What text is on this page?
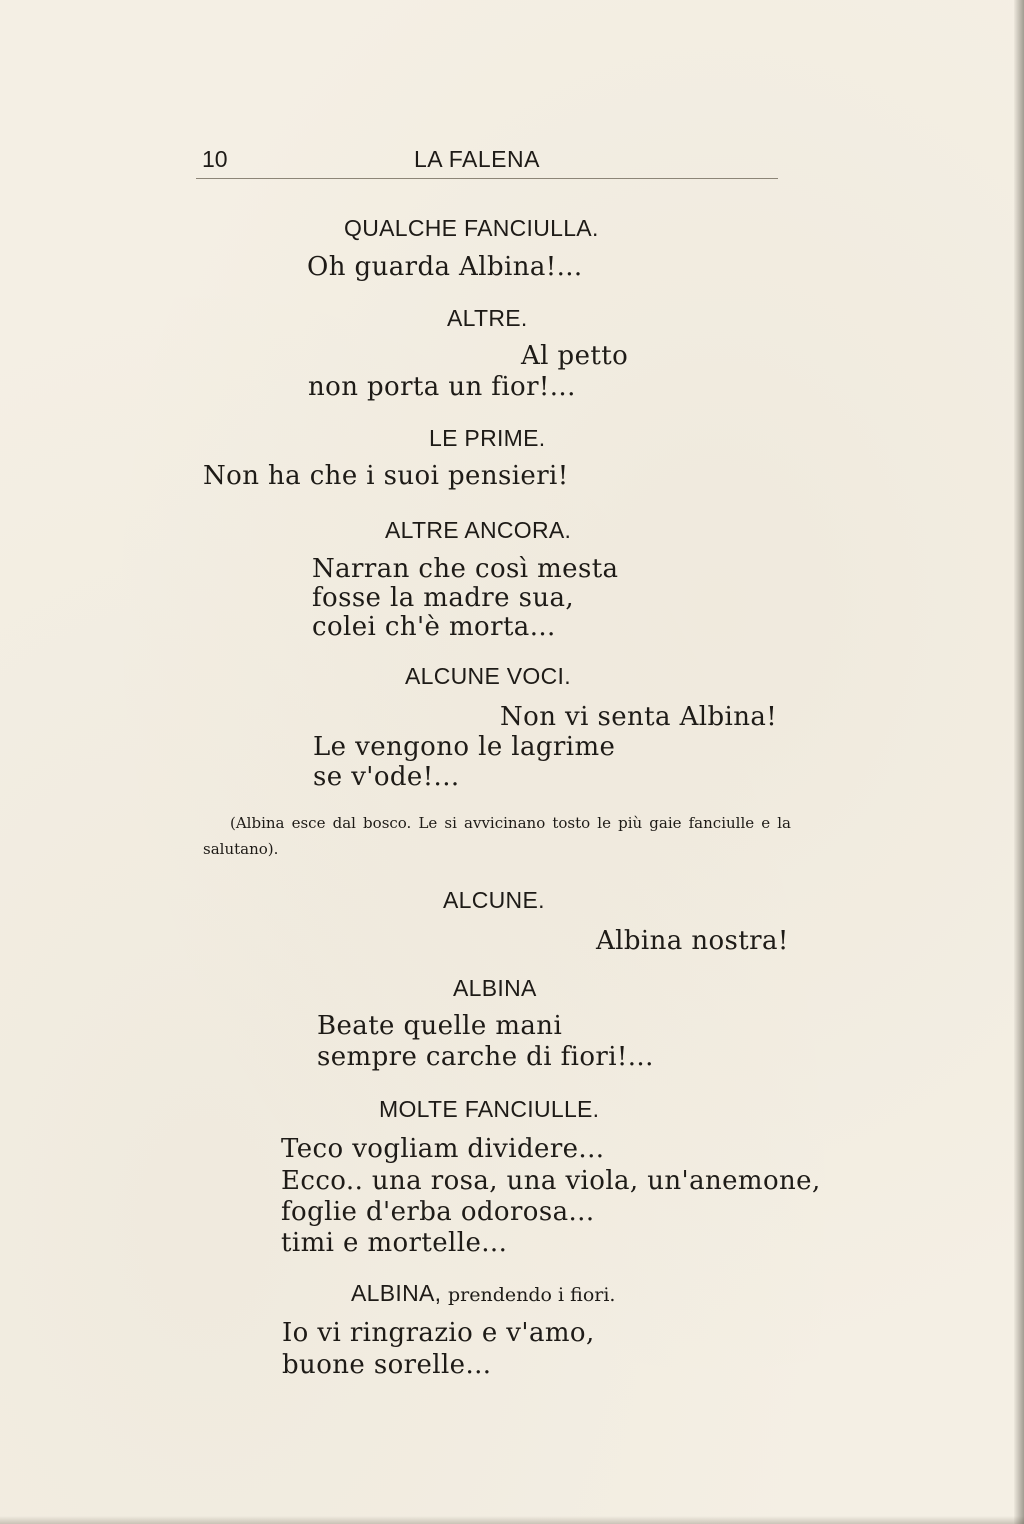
10	LA FALENA
QUALCHE FANCIULLA.
Oh guarda Albina!...
ALTRE.
Al petto
non porta un fior!...
LE PRIME.
Non ha che i suoi pensieri!
ALTRE ANCORA.
Narran che così mesta
fosse la madre sua,
colei ch'è morta...
ALCUNE VOCI.
Non vi senta Albina!
Le vengono le lagrime
se v'ode!...
(Albina esce dal bosco. Le si avvicinano tosto le più gaie fanciulle e la salutano).
ALCUNE.
Albina nostra!
ALBINA
Beate quelle mani
sempre carche di fiori!...
MOLTE FANCIULLE.
Teco vogliam dividere...
Ecco.. una rosa, una viola, un'anemone,
foglie d'erba odorosa...
timi e mortelle...
ALBINA, prendendo i fiori.
Io vi ringrazio e v'amo,
buone sorelle...
